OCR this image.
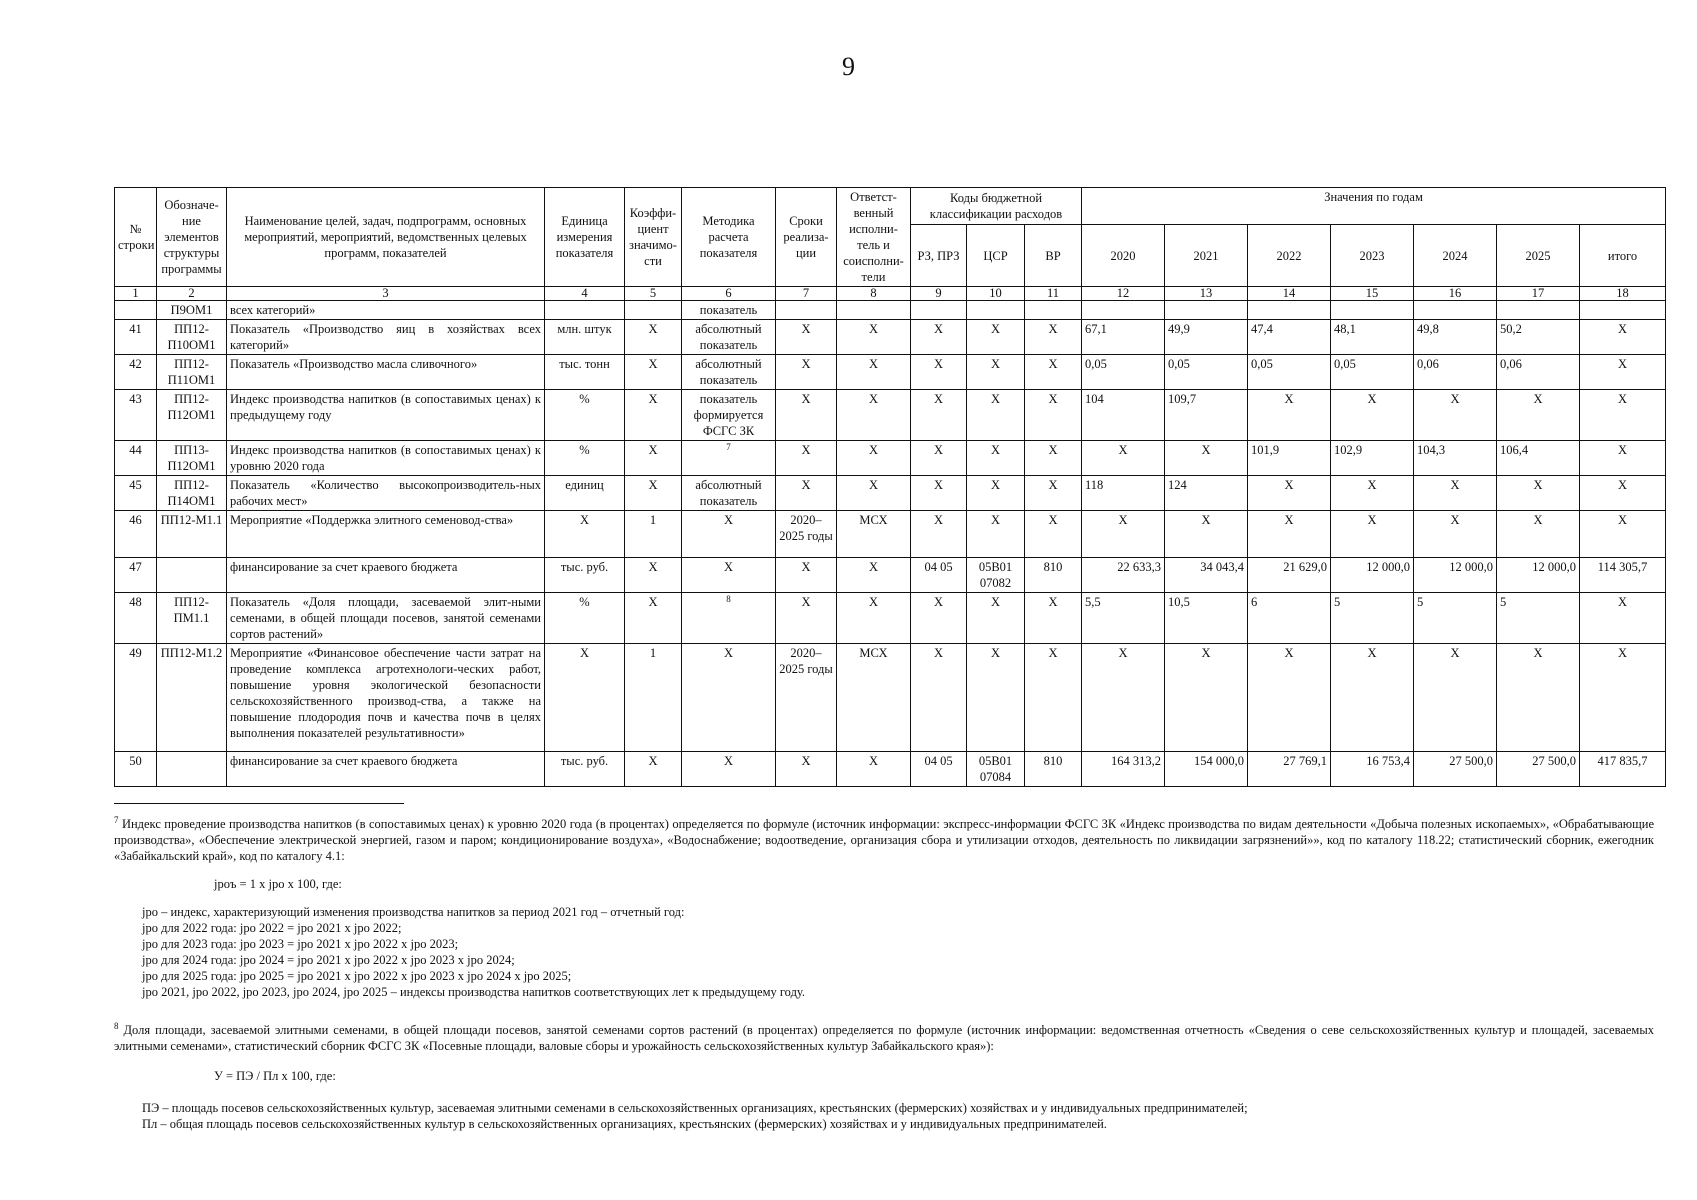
9
№ строки	Обозначе-ние элементов структуры программы	Наименование целей, задач, подпрограмм, основных мероприятий, мероприятий, ведомственных целевых программ, показателей	Единица измерения показателя	Коэффи-циент значимо-сти	Методика расчета показателя	Сроки реализа-ции	Ответст-венный исполни-тель и соисполни-тели	Коды бюджетной классификации расходов			Значения по годам						
								РЗ, ПРЗ	ЦСР	ВР	2020	2021	2022	2023	2024	2025	итого
1	2	3	4	5	6	7	8	9	10	11	12	13	14	15	16	17	18
	П9ОМ1	всех категорий»			показатель												
41	ПП12-П10ОМ1	Показатель «Производство яиц в хозяйствах всех категорий»	млн. штук	Х	абсолютный показатель	Х	Х	Х	Х	Х	67,1	49,9	47,4	48,1	49,8	50,2	Х
42	ПП12-П11ОМ1	Показатель «Производство масла сливочного»	тыс. тонн	Х	абсолютный показатель	Х	Х	Х	Х	Х	0,05	0,05	0,05	0,05	0,06	0,06	Х
43	ПП12-П12ОМ1	Индекс производства напитков (в сопоставимых ценах) к предыдущему году	%	Х	показатель формируется ФСГС ЗК	Х	Х	Х	Х	Х	104	109,7	Х	Х	Х	Х	Х
44	ПП13-П12ОМ1	Индекс производства напитков (в сопоставимых ценах) к уровню 2020 года	%	Х	7	Х	Х	Х	Х	Х	Х	Х	101,9	102,9	104,3	106,4	Х
45	ПП12-П14ОМ1	Показатель «Количество высокопроизводитель-ных рабочих мест»	единиц	Х	абсолютный показатель	Х	Х	Х	Х	Х	118	124	Х	Х	Х	Х	Х
46	ПП12-М1.1	Мероприятие «Поддержка элитного семеновод-ства»	Х	1	Х	2020– 2025 годы	МСХ	Х	Х	Х	Х	Х	Х	Х	Х	Х	Х
47		финансирование за счет краевого бюджета	тыс. руб.	Х	Х	Х	Х	04 05	05В01 07082	810	22 633,3	34 043,4	21 629,0	12 000,0	12 000,0	12 000,0	114 305,7
48	ПП12-ПМ1.1	Показатель «Доля площади, засеваемой элит-ными семенами, в общей площади посевов, занятой семенами сортов растений»	%	Х	8	Х	Х	Х	Х	Х	5,5	10,5	6	5	5	5	Х
49	ПП12-М1.2	Мероприятие «Финансовое обеспечение части затрат на проведение комплекса агротехнологи-ческих работ, повышение уровня экологической безопасности сельскохозяйственного производ-ства, а также на повышение плодородия почв и качества почв в целях выполнения показателей результативности»	Х	1	Х	2020– 2025 годы	МСХ	Х	Х	Х	Х	Х	Х	Х	Х	Х	Х
50		финансирование за счет краевого бюджета	тыс. руб.	Х	Х	Х	Х	04 05	05В01 07084	810	164 313,2	154 000,0	27 769,1	16 753,4	27 500,0	27 500,0	417 835,7

$^7$ Индекс проведение производства напитков (в сопоставимых ценах) к уровню 2020 года (в процентах) определяется по формуле (источник информации: экспресс-информации ФСГС ЗК «Индекс производства по видам деятельности «Добыча полезных ископаемых», «Обрабатывающие производства», «Обеспечение электрической энергией, газом и паром; кондиционирование воздуха», «Водоснабжение; водоотведение, организация сбора и утилизации отходов, деятельность по ликвидации загрязнений»», код по каталогу 118.22; статистический сборник, ежегодник «Забайкальский край», код по каталогу 4.1:

jроъ = 1 х jро х 100, где:

jро – индекс, характеризующий изменения производства напитков за период 2021 год – отчетный год:

jро для 2022 года: jро 2022 = jро 2021 х jро 2022;

jро для 2023 года: jро 2023 = jро 2021 х jро 2022 х jро 2023;

jро для 2024 года: jро 2024 = jро 2021 х jро 2022 х jро 2023 х jро 2024;

jро для 2025 года: jро 2025 = jро 2021 х jро 2022 х jро 2023 х jро 2024 х jро 2025;

jро 2021, jро 2022, jро 2023, jро 2024, jро 2025 – индексы производства напитков соответствующих лет к предыдущему году.

$^8$ Доля площади, засеваемой элитными семенами, в общей площади посевов, занятой семенами сортов растений (в процентах) определяется по формуле (источник информации: ведомственная отчетность «Сведения о севе сельскохозяйственных культур и площадей, засеваемых элитными семенами», статистический сборник ФСГС ЗК «Посевные площади, валовые сборы и урожайность сельскохозяйственных культур Забайкальского края»):

У = ПЭ / Пл х 100, где:

ПЭ – площадь посевов сельскохозяйственных культур, засеваемая элитными семенами в сельскохозяйственных организациях, крестьянских (фермерских) хозяйствах и у индивидуальных предпринимателей;

Пл – общая площадь посевов сельскохозяйственных культур в сельскохозяйственных организациях, крестьянских (фермерских) хозяйствах и у индивидуальных предпринимателей.
